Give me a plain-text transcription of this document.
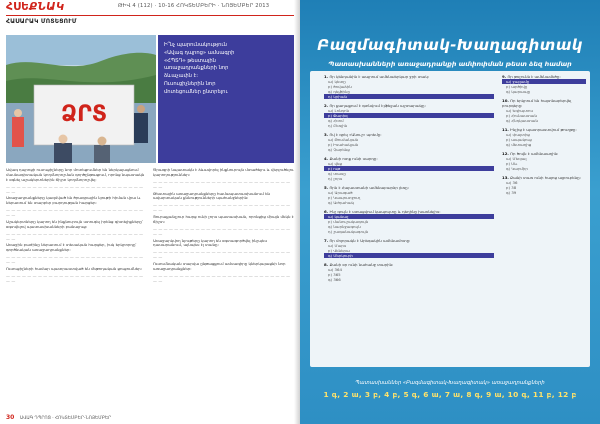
ՀՍԵՔՆԱԿ	ԹԻՎ 4 (112) · 10-16 ՀՈԿՏԵՄԲԵՐԻ · ՆՈՅԵՄԲԵՐ 2013
ՀԱՍԱՐԱԿ ՄՈՏԵՑՈՒՄ
ՁՐՏ

Ի՞նչ պարունակություն

«Ավագ դպրոց» ամսագրի

«ՀՊՏԴ» թեստային

առաջադրանքների նոր

ձևաչափն է:

Ուսուցիչներին նոր

մոտեցումներ ընտրելու

Ավագ դպրոցի ուսուցիչները նոր մոտեցումներ են ներկայացնում մասնագիտական կողմնորոշման գործընթացում, որոնց նպատակն է օգնել աշակերտներին ճիշտ կողմնորոշվել:

— — — — — — — — — — — — — — — — — — — — — — — — — — — —

Առաջադրանքները կազմված են ծրագրային նյութի հիման վրա և ներառում են տարբեր բարդության հարցեր:

— — — — — — — — — — — — — — — — — — — — — — — — — — — —

Աշակերտները կարող են ինքնուրույն ստուգել իրենց գիտելիքները՝ օգտվելով պատասխանների բանալուց:

— — — — — — — — — — — — — — — — — — — — — — — — — — — —

Առաջին բաժինը ներառում է տեսական հարցեր, իսկ երկրորդը՝ գործնական առաջադրանքներ:

— — — — — — — — — — — — — — — — — — — — — — — — — — — —

Ուսուցիչների համար պատրաստված են մեթոդական ցուցումներ:

— — — — — — — — — — — — — — — — — — — — — — — — — — — —

Ծրագրի նպատակն է ձևավորել ինքնուրույն մտածելու և վերլուծելու կարողություններ:

— — — — — — — — — — — — — — — — — — — — — — — — — — — —

Թեստային առաջադրանքները համապատասխանում են ավարտական քննությունների պահանջներին:

— — — — — — — — — — — — — — — — — — — — — — — — — — — —

Յուրաքանչյուր հարց ունի չորս պատասխան, որոնցից միայն մեկն է ճիշտ:

— — — — — — — — — — — — — — — — — — — — — — — — — — — —

Առաջարկվող նյութերը կարող են օգտագործվել ինչպես դասարանում, այնպես էլ տանը:

— — — — — — — — — — — — — — — — — — — — — — — — — — — —

Ուսումնական տարվա ընթացքում ամսագիրը կներկայացնի նոր առաջադրանքներ:

— — — — — — — — — — — — — — — — — — — — — — — — — — — —

30 ԱՎԱԳ ԴՊՐՈՑ · ՀՈԿՏԵՄԲԵՐ-ՆՈՅԵՄԲԵՐ
Բազմագիտակ-Խաղագիտակ
Պատասխանների առաջադրանքի ամփոփման թեստ ձեզ համար

1. Որ կենդանին է ապրում ամենաերկար ջրի տակ:

ա) կետը

բ) ծովաձին

գ) դելֆինը

դ) կրիան

2. Որ քաղաքում է գտնվում Էյֆելյան աշտարակը:

ա) Լոնդոն

բ) Փարիզ

գ) Հռոմ

դ) Բեռլին

3. Ով է գրել «Անուշ» պոեմը:

ա) Թումանյան

բ) Իսահակյան

գ) Չարենց

4. Քանի ոտք ունի սարդը:

ա) վեց

բ) ութ

գ) տասը

դ) չորս

5. Որն է Հայաստանի ամենաբարձր լեռը:

ա) Արագած

բ) Կապուտջուղ

գ) Աժդահակ

6. Ինչ գույն է ստացվում կապույտը և դեղինը խառնելիս:

ա) կանաչ

բ) մանուշակագույն

գ) նարնջագույն

դ) շագանակագույն

7. Որ մոլորակն է Արեգակին ամենամոտը:

ա) Մարս

բ) Վեներա

գ) Մերկուրի

8. Քանի օր ունի նահանջ տարին:

ա) 364

բ) 365

գ) 366

9. Որ թռչունն է ամենամեծը:

ա) ջայլամը

բ) արծիվը

գ) կարապը

10. Որ երկրում են հայտնաբերվել բուրգերը:

ա) Եգիպտոս

բ) Հունաստան

գ) Հնդկաստան

11. Ինչից է պատրաստվում թուղթը:

ա) փայտից

բ) ապակուց

գ) մետաղից

12. Որ ծովն է ամենաաղին:

ա) Մեռյալ

բ) Սև

գ) Կարմիր

13. Քանի տառ ունի հայոց այբուբենը:

ա) 36

բ) 38

գ) 39

Պատասխաններ «Բազմագիտակ-Խաղագիտակ» առաջադրանքների
1 գ, 2 ա, 3 բ, 4 բ, 5 գ, 6 ա, 7 ա, 8 գ, 9 ա, 10 գ, 11 բ, 12 բ
